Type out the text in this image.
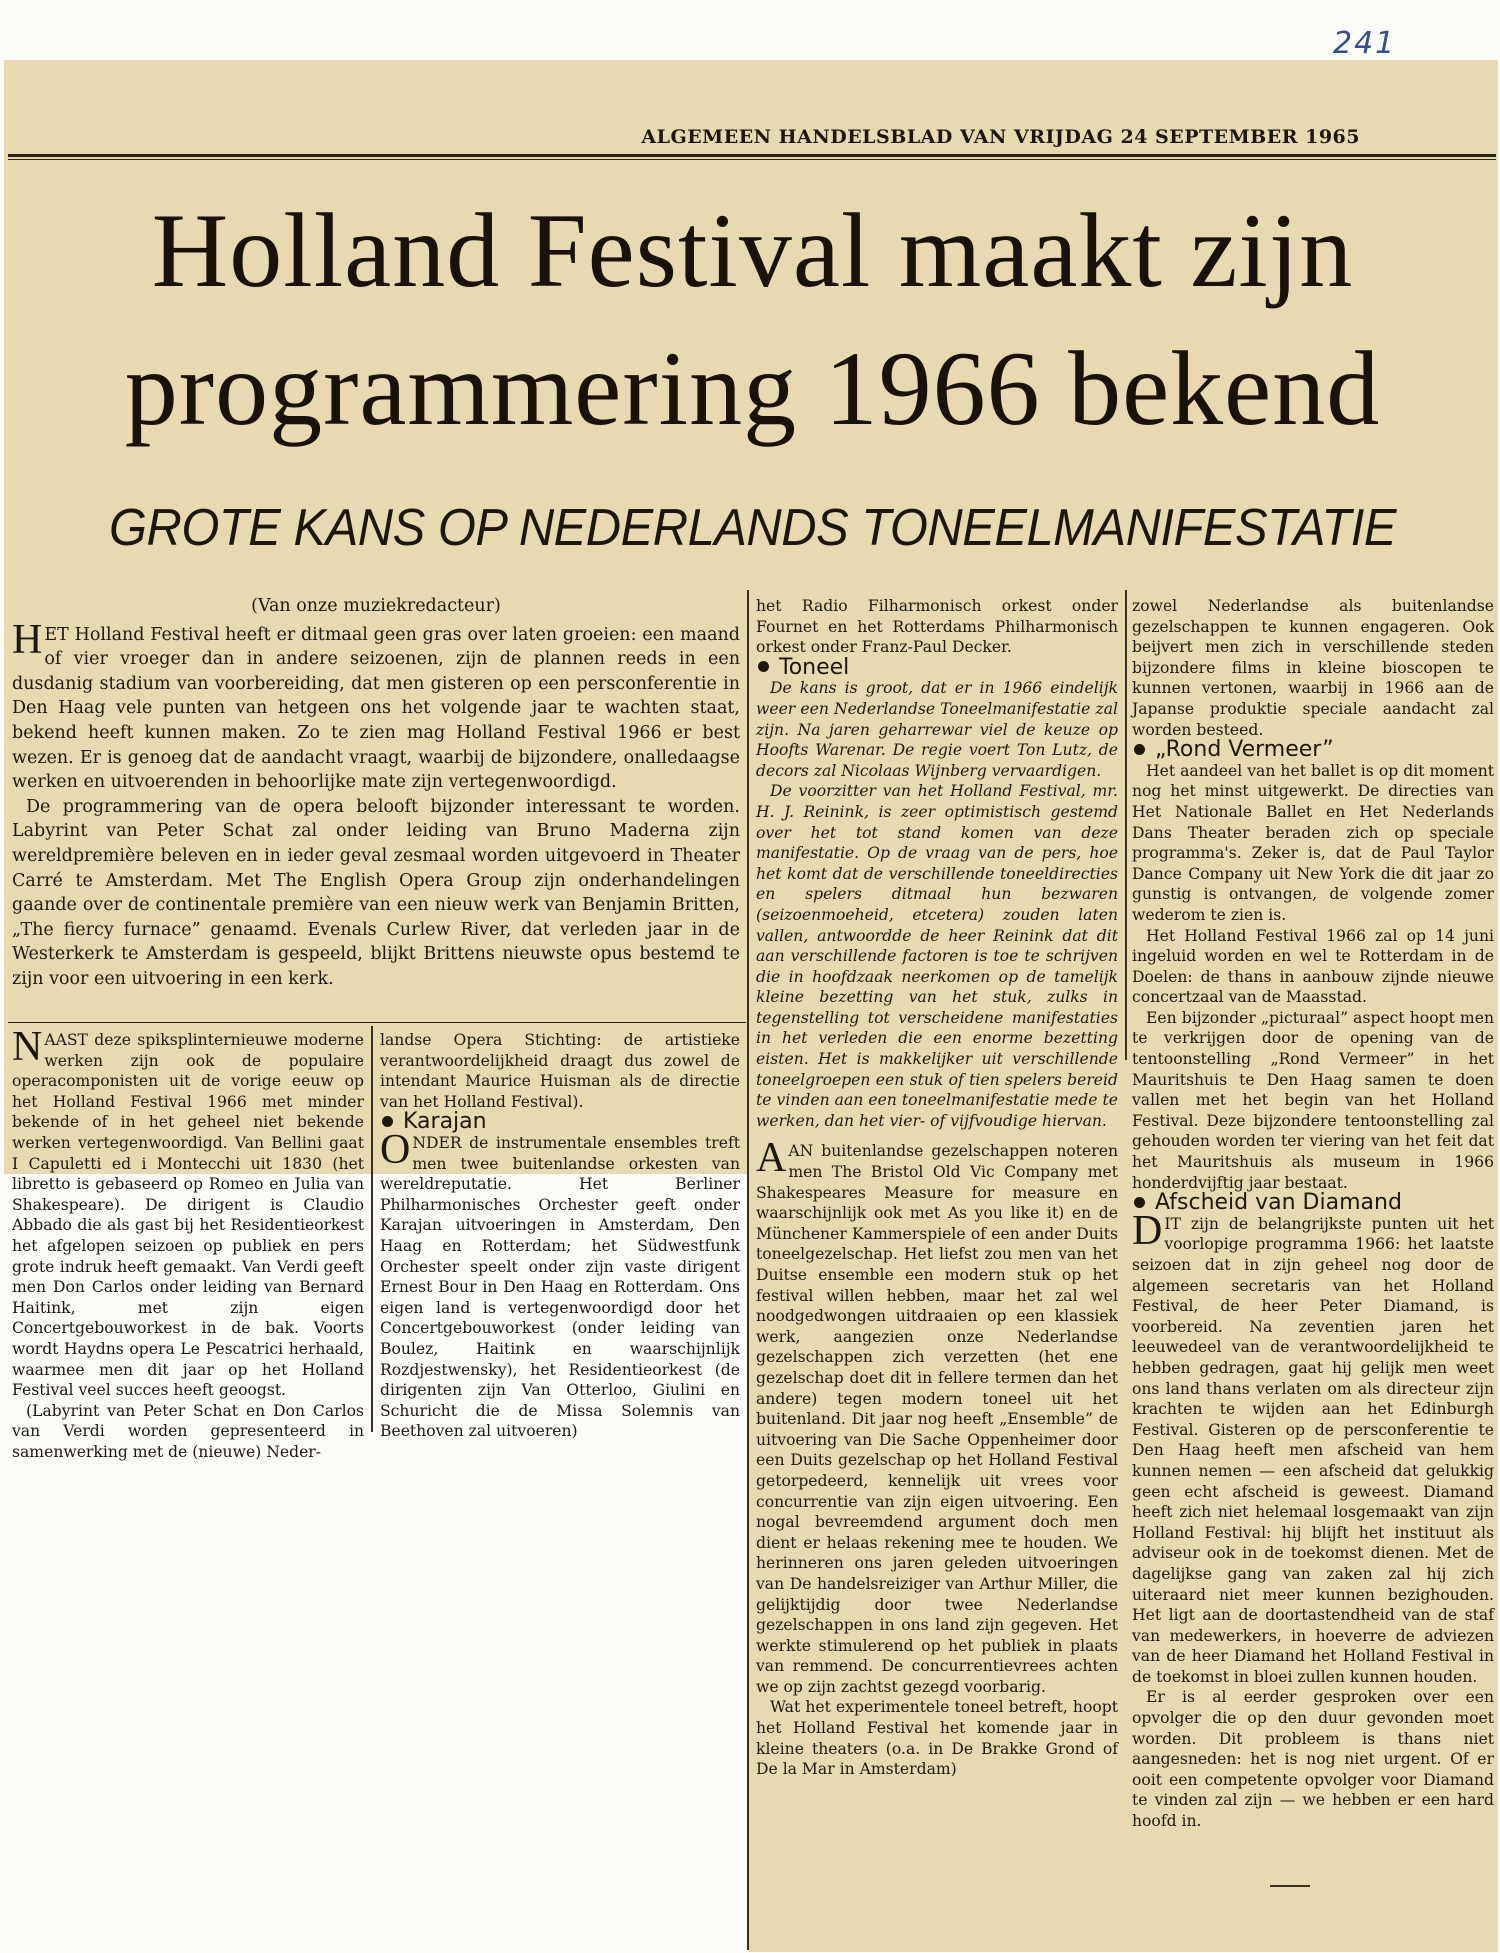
241
ALGEMEEN HANDELSBLAD VAN VRIJDAG 24 SEPTEMBER 1965
Holland Festival maakt zijn
programmering 1966 bekend
GROTE KANS OP NEDERLANDS TONEELMANIFESTATIE

(Van onze muziekredacteur)

HET Holland Festival heeft er ditmaal geen gras over laten groeien: een maand of vier vroeger dan in andere seizoenen, zijn de plannen reeds in een dusdanig stadium van voorbereiding, dat men gisteren op een persconferentie in Den Haag vele punten van hetgeen ons het volgende jaar te wachten staat, bekend heeft kunnen maken. Zo te zien mag Holland Festival 1966 er best wezen. Er is genoeg dat de aandacht vraagt, waarbij de bijzondere, onalledaagse werken en uitvoerenden in behoorlijke mate zijn vertegenwoordigd.

De programmering van de opera belooft bijzonder interessant te worden. Labyrint van Peter Schat zal onder leiding van Bruno Maderna zijn wereldpremière beleven en in ieder geval zesmaal worden uitgevoerd in Theater Carré te Amsterdam. Met The English Opera Group zijn onderhandelingen gaande over de continentale première van een nieuw werk van Benjamin Britten, „The fiercy furnace” genaamd. Evenals Curlew River, dat verleden jaar in de Westerkerk te Amsterdam is gespeeld, blijkt Brittens nieuwste opus bestemd te zijn voor een uitvoering in een kerk.

NAAST deze spiksplinternieuwe moderne werken zijn ook de populaire operacomponisten uit de vorige eeuw op het Holland Festival 1966 met minder bekende of in het geheel niet bekende werken vertegenwoordigd. Van Bellini gaat I Capuletti ed i Montecchi uit 1830 (het libretto is gebaseerd op Romeo en Julia van Shakespeare). De dirigent is Claudio Abbado die als gast bij het Residentieorkest het afgelopen seizoen op publiek en pers grote indruk heeft gemaakt. Van Verdi geeft men Don Carlos onder leiding van Bernard Haitink, met zijn eigen Concertgebouworkest in de bak. Voorts wordt Haydns opera Le Pescatrici herhaald, waarmee men dit jaar op het Holland Festival veel succes heeft geoogst.

(Labyrint van Peter Schat en Don Carlos van Verdi worden gepresenteerd in samenwerking met de (nieuwe) Neder-

landse Opera Stichting: de artistieke verantwoordelijkheid draagt dus zowel de intendant Maurice Huisman als de directie van het Holland Festival).

Karajan

ONDER de instrumentale ensembles treft men twee buitenlandse orkesten van wereldreputatie. Het Berliner Philharmonisches Orchester geeft onder Karajan uitvoeringen in Amsterdam, Den Haag en Rotterdam; het Südwestfunk Orchester speelt onder zijn vaste dirigent Ernest Bour in Den Haag en Rotterdam. Ons eigen land is vertegenwoordigd door het Concertgebouworkest (onder leiding van Boulez, Haitink en waarschijnlijk Rozdjestwensky), het Residentieorkest (de dirigenten zijn Van Otterloo, Giulini en Schuricht die de Missa Solemnis van Beethoven zal uitvoeren)

het Radio Filharmonisch orkest onder Fournet en het Rotterdams Philharmonisch orkest onder Franz-Paul Decker.

Toneel

De kans is groot, dat er in 1966 eindelijk weer een Nederlandse Toneelmanifestatie zal zijn. Na jaren geharrewar viel de keuze op Hoofts Warenar. De regie voert Ton Lutz, de decors zal Nicolaas Wijnberg vervaardigen.

De voorzitter van het Holland Festival, mr. H. J. Reinink, is zeer optimistisch gestemd over het tot stand komen van deze manifestatie. Op de vraag van de pers, hoe het komt dat de verschillende toneeldirecties en spelers ditmaal hun bezwaren (seizoenmoeheid, etcetera) zouden laten vallen, antwoordde de heer Reinink dat dit aan verschillende factoren is toe te schrijven die in hoofdzaak neerkomen op de tamelijk kleine bezetting van het stuk, zulks in tegenstelling tot verscheidene manifestaties in het verleden die een enorme bezetting eisten. Het is makkelijker uit verschillende toneelgroepen een stuk of tien spelers bereid te vinden aan een toneelmanifestatie mede te werken, dan het vier- of vijfvoudige hiervan.

AAN buitenlandse gezelschappen noteren men The Bristol Old Vic Company met Shakespeares Measure for measure en waarschijnlijk ook met As you like it) en de Münchener Kammerspiele of een ander Duits toneelgezelschap. Het liefst zou men van het Duitse ensemble een modern stuk op het festival willen hebben, maar het zal wel noodgedwongen uitdraaien op een klassiek werk, aangezien onze Nederlandse gezelschappen zich verzetten (het ene gezelschap doet dit in fellere termen dan het andere) tegen modern toneel uit het buitenland. Dit jaar nog heeft „Ensemble” de uitvoering van Die Sache Oppenheimer door een Duits gezelschap op het Holland Festival getorpedeerd, kennelijk uit vrees voor concurrentie van zijn eigen uitvoering. Een nogal bevreemdend argument doch men dient er helaas rekening mee te houden. We herinneren ons jaren geleden uitvoeringen van De handelsreiziger van Arthur Miller, die gelijktijdig door twee Nederlandse gezelschappen in ons land zijn gegeven. Het werkte stimulerend op het publiek in plaats van remmend. De concurrentievrees achten we op zijn zachtst gezegd voorbarig.

Wat het experimentele toneel betreft, hoopt het Holland Festival het komende jaar in kleine theaters (o.a. in De Brakke Grond of De la Mar in Amsterdam)

zowel Nederlandse als buitenlandse gezelschappen te kunnen engageren. Ook beijvert men zich in verschillende steden bijzondere films in kleine bioscopen te kunnen vertonen, waarbij in 1966 aan de Japanse produktie speciale aandacht zal worden besteed.

„Rond Vermeer”

Het aandeel van het ballet is op dit moment nog het minst uitgewerkt. De directies van Het Nationale Ballet en Het Nederlands Dans Theater beraden zich op speciale programma's. Zeker is, dat de Paul Taylor Dance Company uit New York die dit jaar zo gunstig is ontvangen, de volgende zomer wederom te zien is.

Het Holland Festival 1966 zal op 14 juni ingeluid worden en wel te Rotterdam in de Doelen: de thans in aanbouw zijnde nieuwe concertzaal van de Maasstad.

Een bijzonder „picturaal” aspect hoopt men te verkrijgen door de opening van de tentoonstelling „Rond Vermeer” in het Mauritshuis te Den Haag samen te doen vallen met het begin van het Holland Festival. Deze bijzondere tentoonstelling zal gehouden worden ter viering van het feit dat het Mauritshuis als museum in 1966 honderdvijftig jaar bestaat.

Afscheid van Diamand

DIT zijn de belangrijkste punten uit het voorlopige programma 1966: het laatste seizoen dat in zijn geheel nog door de algemeen secretaris van het Holland Festival, de heer Peter Diamand, is voorbereid. Na zeventien jaren het leeuwedeel van de verantwoordelijkheid te hebben gedragen, gaat hij gelijk men weet ons land thans verlaten om als directeur zijn krachten te wijden aan het Edinburgh Festival. Gisteren op de persconferentie te Den Haag heeft men afscheid van hem kunnen nemen — een afscheid dat gelukkig geen echt afscheid is geweest. Diamand heeft zich niet helemaal losgemaakt van zijn Holland Festival: hij blijft het instituut als adviseur ook in de toekomst dienen. Met de dagelijkse gang van zaken zal hij zich uiteraard niet meer kunnen bezighouden. Het ligt aan de doortastendheid van de staf van medewerkers, in hoeverre de adviezen van de heer Diamand het Holland Festival in de toekomst in bloei zullen kunnen houden.

Er is al eerder gesproken over een opvolger die op den duur gevonden moet worden. Dit probleem is thans niet aangesneden: het is nog niet urgent. Of er ooit een competente opvolger voor Diamand te vinden zal zijn — we hebben er een hard hoofd in.
